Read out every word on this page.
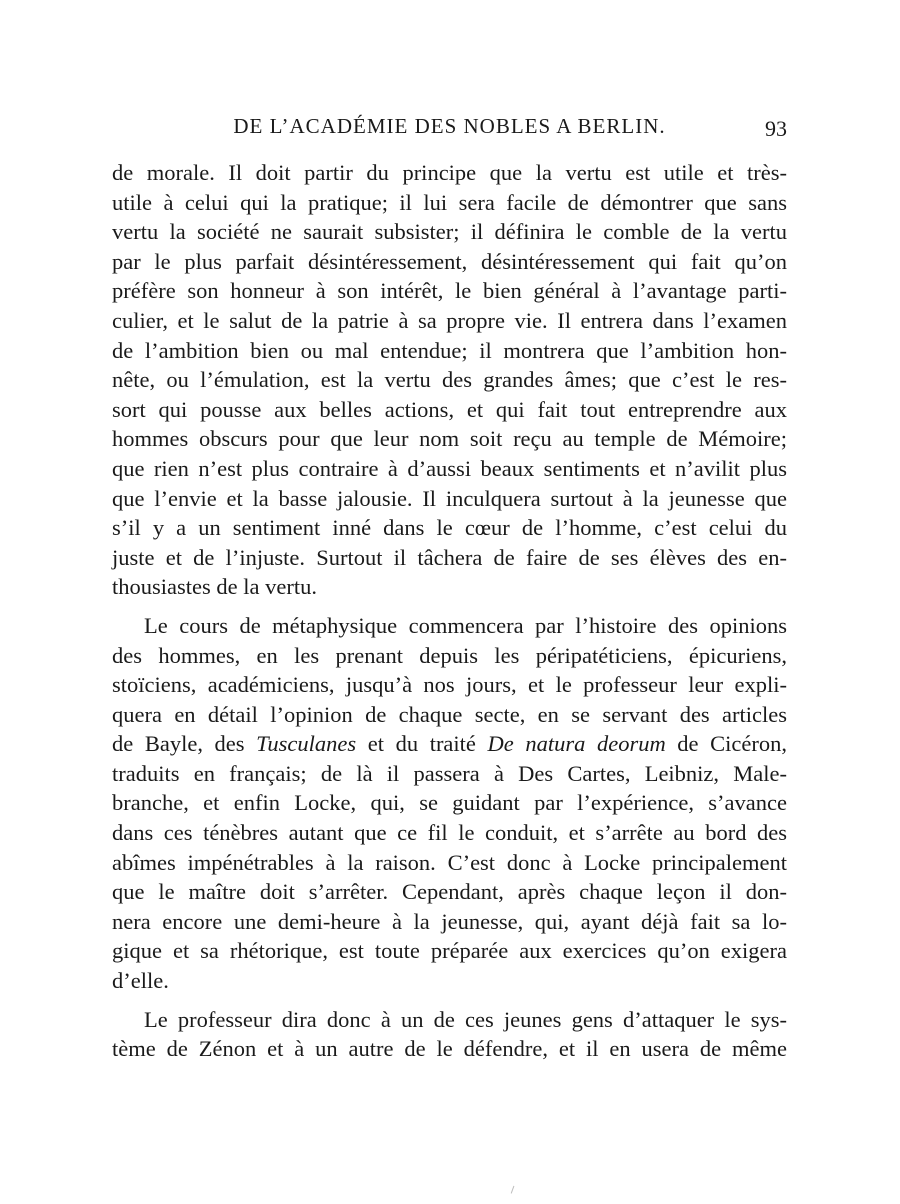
DE L’ACADÉMIE DES NOBLES A BERLIN.	93
de morale. Il doit partir du principe que la vertu est utile et très-
utile à celui qui la pratique; il lui sera facile de démontrer que sans
vertu la société ne saurait subsister; il définira le comble de la vertu
par le plus parfait désintéressement, désintéressement qui fait qu’on
préfère son honneur à son intérêt, le bien général à l’avantage parti-
culier, et le salut de la patrie à sa propre vie. Il entrera dans l’examen
de l’ambition bien ou mal entendue; il montrera que l’ambition hon-
nête, ou l’émulation, est la vertu des grandes âmes; que c’est le res-
sort qui pousse aux belles actions, et qui fait tout entreprendre aux
hommes obscurs pour que leur nom soit reçu au temple de Mémoire;
que rien n’est plus contraire à d’aussi beaux sentiments et n’avilit plus
que l’envie et la basse jalousie. Il inculquera surtout à la jeunesse que
s’il y a un sentiment inné dans le cœur de l’homme, c’est celui du
juste et de l’injuste. Surtout il tâchera de faire de ses élèves des en-
thousiastes de la vertu.
Le cours de métaphysique commencera par l’histoire des opinions
des hommes, en les prenant depuis les péripatéticiens, épicuriens,
stoïciens, académiciens, jusqu’à nos jours, et le professeur leur expli-
quera en détail l’opinion de chaque secte, en se servant des articles
de Bayle, des Tusculanes et du traité De natura deorum de Cicéron,
traduits en français; de là il passera à Des Cartes, Leibniz, Male-
branche, et enfin Locke, qui, se guidant par l’expérience, s’avance
dans ces ténèbres autant que ce fil le conduit, et s’arrête au bord des
abîmes impénétrables à la raison. C’est donc à Locke principalement
que le maître doit s’arrêter. Cependant, après chaque leçon il don-
nera encore une demi-heure à la jeunesse, qui, ayant déjà fait sa lo-
gique et sa rhétorique, est toute préparée aux exercices qu’on exigera
d’elle.
Le professeur dira donc à un de ces jeunes gens d’attaquer le sys-
tème de Zénon et à un autre de le défendre, et il en usera de même
